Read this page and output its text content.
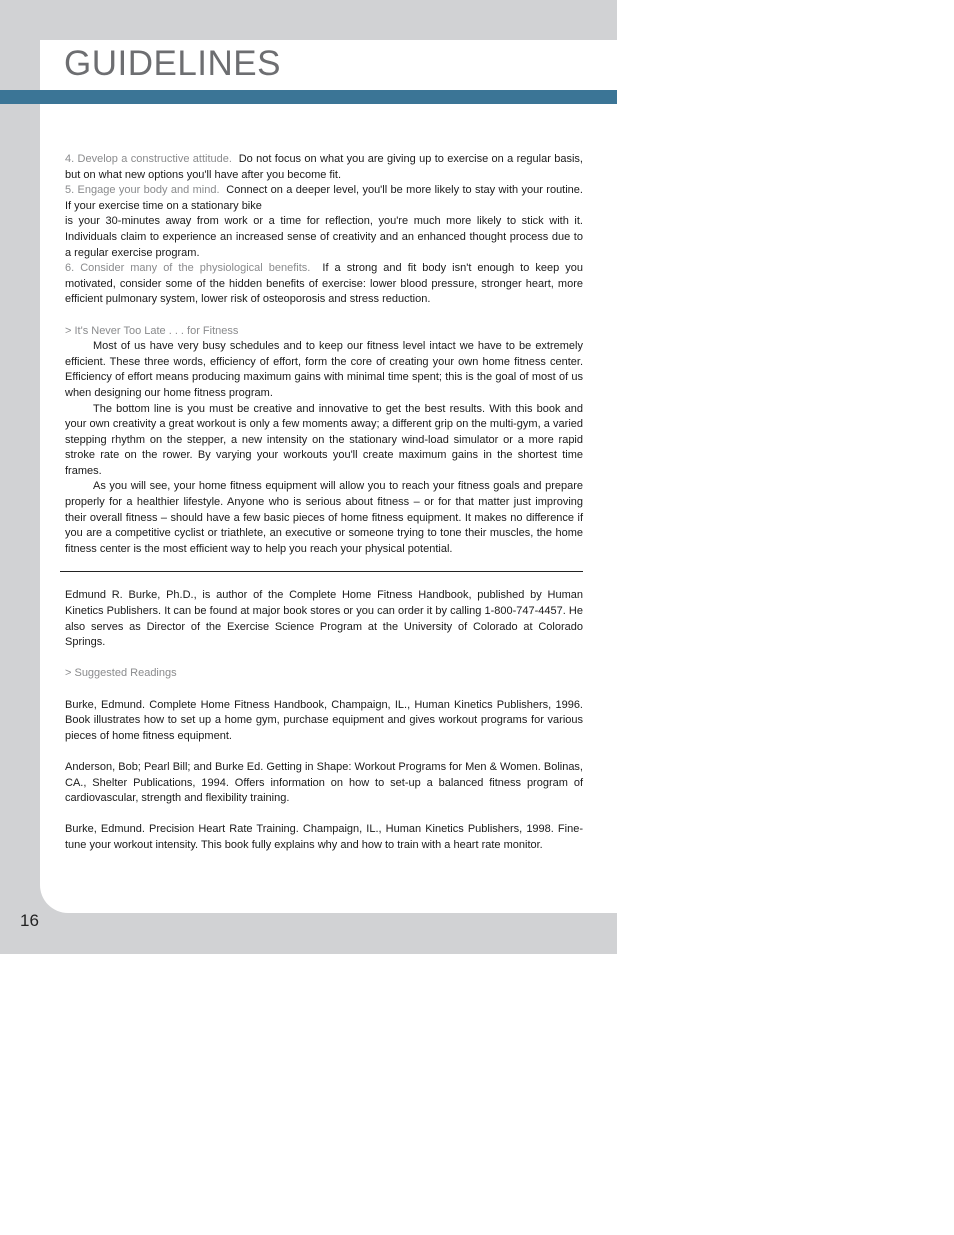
GUIDELINES

4. Develop a constructive attitude. Do not focus on what you are giving up to exercise on a regular basis, but on what new options you'll have after you become fit.

5. Engage your body and mind. Connect on a deeper level, you'll be more likely to stay with your routine. If your exercise time on a stationary bike

is your 30-minutes away from work or a time for reflection, you're much more likely to stick with it. Individuals claim to experience an increased sense of creativity and an enhanced thought process due to a regular exercise program.

6. Consider many of the physiological benefits. If a strong and fit body isn't enough to keep you motivated, consider some of the hidden benefits of exercise: lower blood pressure, stronger heart, more efficient pulmonary system, lower risk of osteoporosis and stress reduction.

> It's Never Too Late . . . for Fitness

Most of us have very busy schedules and to keep our fitness level intact we have to be extremely efficient. These three words, efficiency of effort, form the core of creating your own home fitness center. Efficiency of effort means producing maximum gains with minimal time spent; this is the goal of most of us when designing our home fitness program.

The bottom line is you must be creative and innovative to get the best results. With this book and your own creativity a great workout is only a few moments away; a different grip on the multi-gym, a varied stepping rhythm on the stepper, a new intensity on the stationary wind-load simulator or a more rapid stroke rate on the rower. By varying your workouts you'll create maximum gains in the shortest time frames.

As you will see, your home fitness equipment will allow you to reach your fitness goals and prepare properly for a healthier lifestyle. Anyone who is serious about fitness – or for that matter just improving their overall fitness – should have a few basic pieces of home fitness equipment. It makes no difference if you are a competitive cyclist or triathlete, an executive or someone trying to tone their muscles, the home fitness center is the most efficient way to help you reach your physical potential.

Edmund R. Burke, Ph.D., is author of the Complete Home Fitness Handbook, published by Human Kinetics Publishers. It can be found at major book stores or you can order it by calling 1-800-747-4457. He also serves as Director of the Exercise Science Program at the University of Colorado at Colorado Springs.

> Suggested Readings

Burke, Edmund. Complete Home Fitness Handbook, Champaign, IL., Human Kinetics Publishers, 1996. Book illustrates how to set up a home gym, purchase equipment and gives workout programs for various pieces of home fitness equipment.

Anderson, Bob; Pearl Bill; and Burke Ed. Getting in Shape: Workout Programs for Men & Women. Bolinas, CA., Shelter Publications, 1994. Offers information on how to set-up a balanced fitness program of cardiovascular, strength and flexibility training.

Burke, Edmund. Precision Heart Rate Training. Champaign, IL., Human Kinetics Publishers, 1998. Fine-tune your workout intensity. This book fully explains why and how to train with a heart rate monitor.

16
